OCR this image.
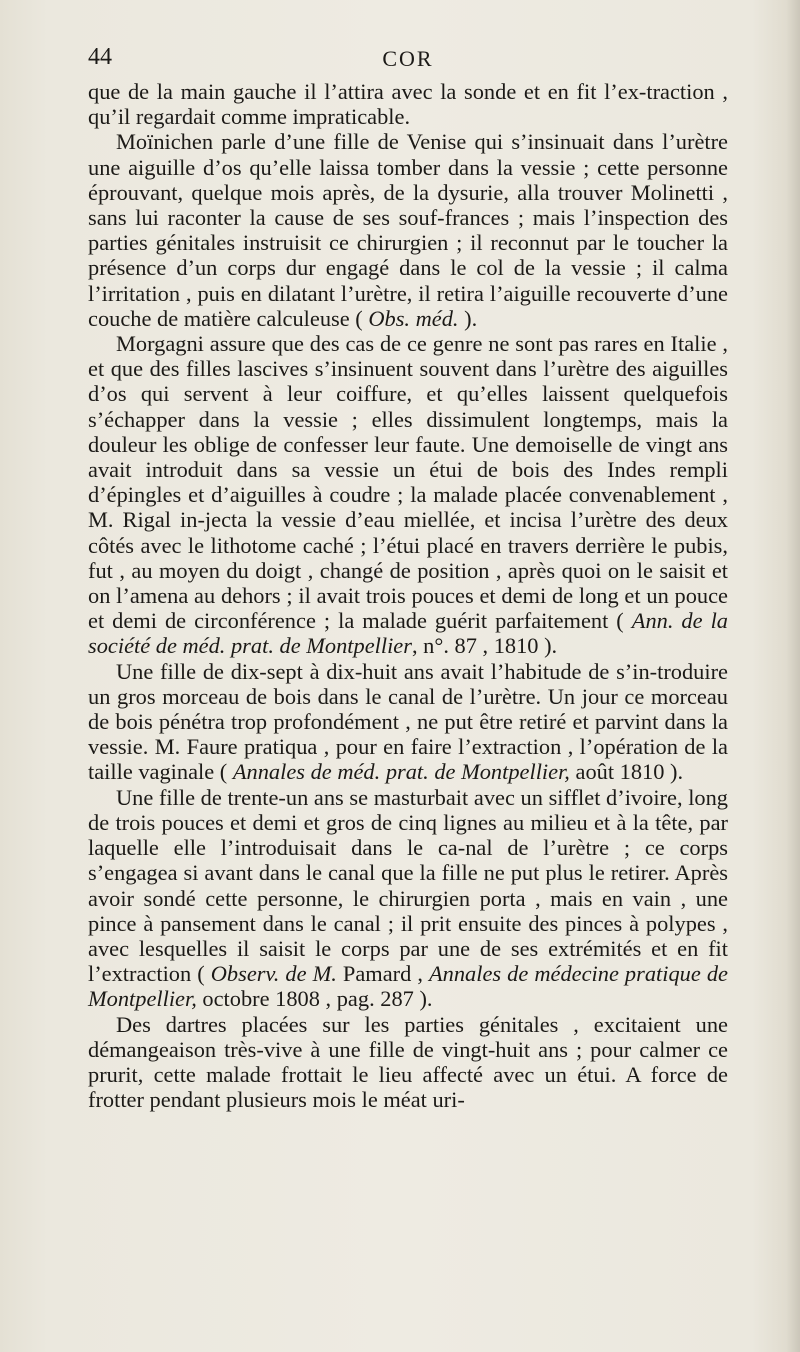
44	COR

que de la main gauche il l’attira avec la sonde et en fit l’ex-traction , qu’il regardait comme impraticable.

Moïnichen parle d’une fille de Venise qui s’insinuait dans l’urètre une aiguille d’os qu’elle laissa tomber dans la vessie ; cette personne éprouvant, quelque mois après, de la dysurie, alla trouver Molinetti , sans lui raconter la cause de ses souf-frances ; mais l’inspection des parties génitales instruisit ce chirurgien ; il reconnut par le toucher la présence d’un corps dur engagé dans le col de la vessie ; il calma l’irritation , puis en dilatant l’urètre, il retira l’aiguille recouverte d’une couche de matière calculeuse ( Obs. méd. ).

Morgagni assure que des cas de ce genre ne sont pas rares en Italie , et que des filles lascives s’insinuent souvent dans l’urètre des aiguilles d’os qui servent à leur coiffure, et qu’elles laissent quelquefois s’échapper dans la vessie ; elles dissimulent longtemps, mais la douleur les oblige de confesser leur faute. Une demoiselle de vingt ans avait introduit dans sa vessie un étui de bois des Indes rempli d’épingles et d’aiguilles à coudre ; la malade placée convenablement , M. Rigal in-jecta la vessie d’eau miellée, et incisa l’urètre des deux côtés avec le lithotome caché ; l’étui placé en travers derrière le pubis, fut , au moyen du doigt , changé de position , après quoi on le saisit et on l’amena au dehors ; il avait trois pouces et demi de long et un pouce et demi de circonférence ; la malade guérit parfaitement ( Ann. de la société de méd. prat. de Montpellier, n°. 87 , 1810 ).

Une fille de dix-sept à dix-huit ans avait l’habitude de s’in-troduire un gros morceau de bois dans le canal de l’urètre. Un jour ce morceau de bois pénétra trop profondément , ne put être retiré et parvint dans la vessie. M. Faure pratiqua , pour en faire l’extraction , l’opération de la taille vaginale ( Annales de méd. prat. de Montpellier, août 1810 ).

Une fille de trente-un ans se masturbait avec un sifflet d’ivoire, long de trois pouces et demi et gros de cinq lignes au milieu et à la tête, par laquelle elle l’introduisait dans le ca-nal de l’urètre ; ce corps s’engagea si avant dans le canal que la fille ne put plus le retirer. Après avoir sondé cette personne, le chirurgien porta , mais en vain , une pince à pansement dans le canal ; il prit ensuite des pinces à polypes , avec lesquelles il saisit le corps par une de ses extrémités et en fit l’extraction ( Observ. de M. Pamard , Annales de médecine pratique de Montpellier, octobre 1808 , pag. 287 ).

Des dartres placées sur les parties génitales , excitaient une démangeaison très-vive à une fille de vingt-huit ans ; pour calmer ce prurit, cette malade frottait le lieu affecté avec un étui. A force de frotter pendant plusieurs mois le méat uri-
